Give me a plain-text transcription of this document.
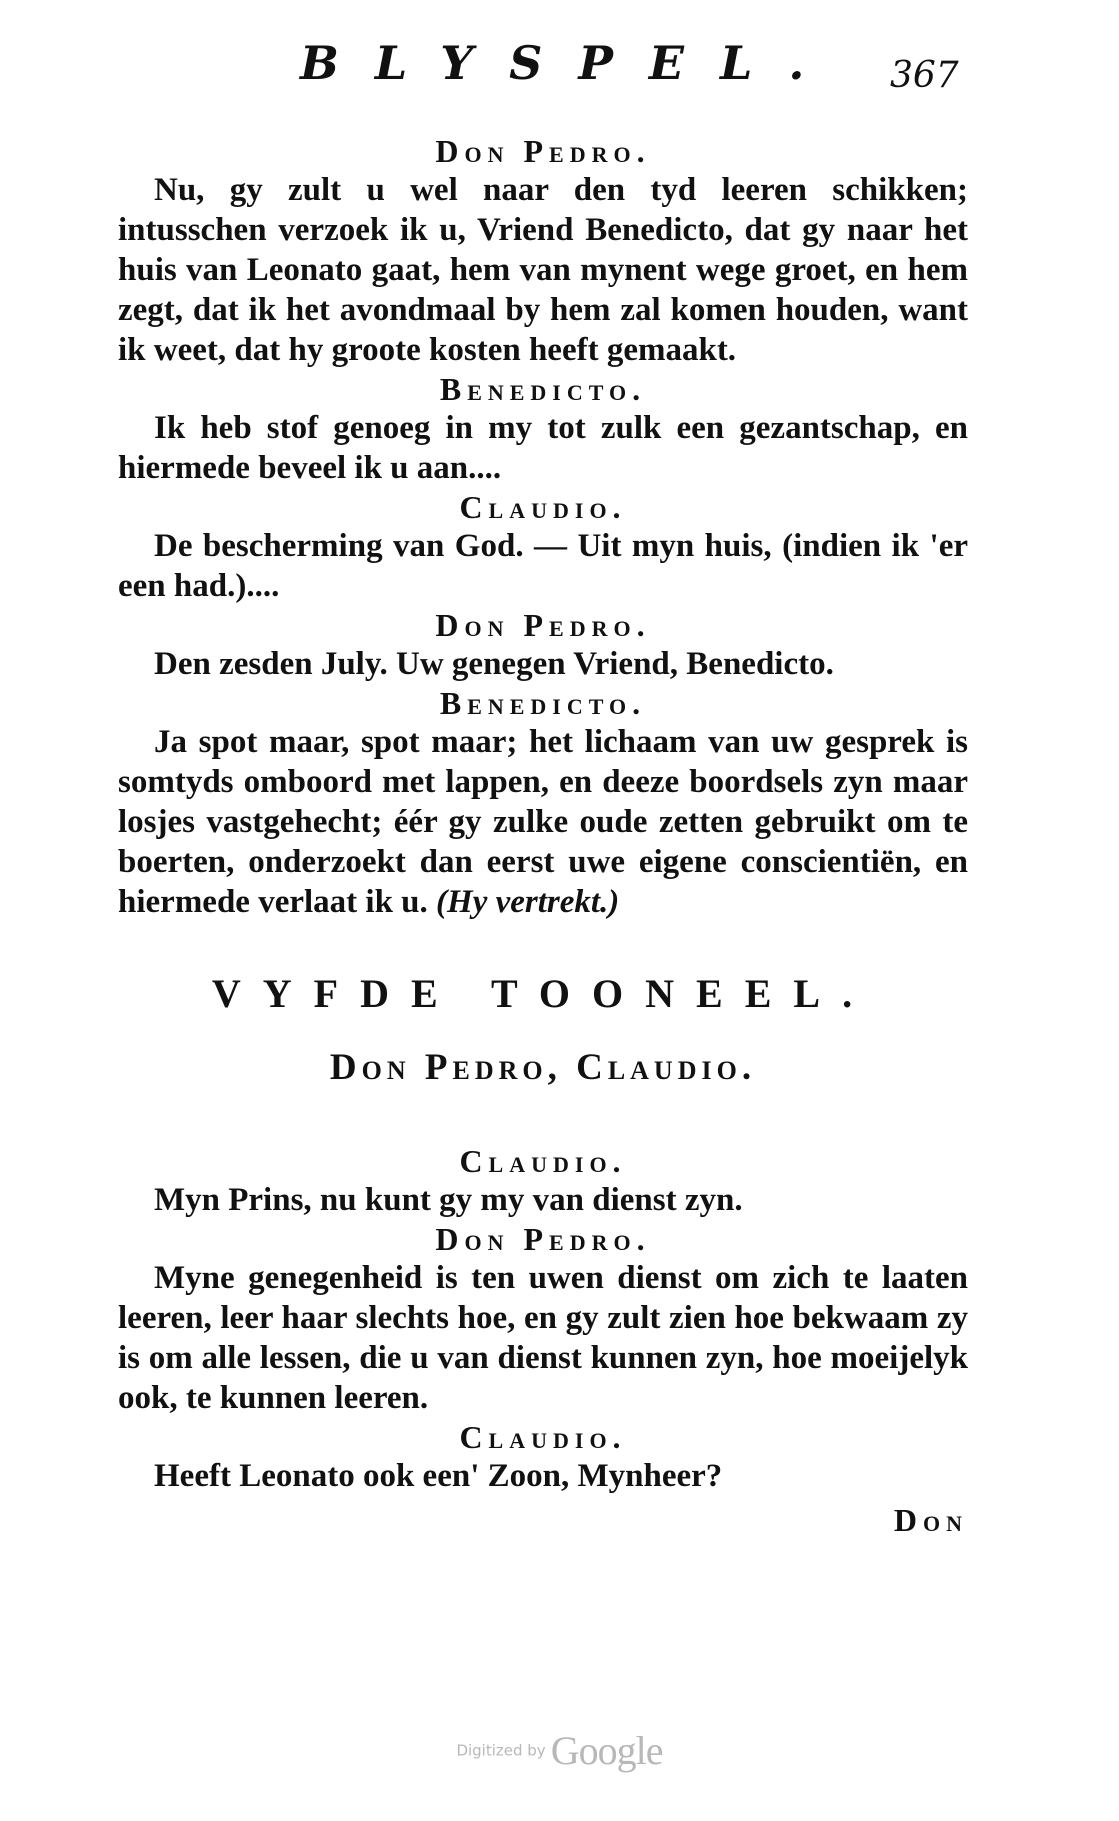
BLYSPEL. 367

Don Pedro.

Nu, gy zult u wel naar den tyd leeren schikken; intusschen verzoek ik u, Vriend Benedicto, dat gy naar het huis van Leonato gaat, hem van mynent wege groet, en hem zegt, dat ik het avondmaal by hem zal komen houden, want ik weet, dat hy groote kosten heeft gemaakt.

Benedicto.

Ik heb stof genoeg in my tot zulk een gezantschap, en hiermede beveel ik u aan....

Claudio.

De bescherming van God. — Uit myn huis, (indien ik 'er een had.)....

Don Pedro.

Den zesden July. Uw genegen Vriend, Benedicto.

Benedicto.

Ja spot maar, spot maar; het lichaam van uw gesprek is somtyds omboord met lappen, en deeze boordsels zyn maar losjes vastgehecht; éér gy zulke oude zetten gebruikt om te boerten, onderzoekt dan eerst uwe eigene conscientiën, en hiermede verlaat ik u. (Hy vertrekt.)

VYFDE TOONEEL.
Don Pedro, Claudio.

Claudio.

Myn Prins, nu kunt gy my van dienst zyn.

Don Pedro.

Myne genegenheid is ten uwen dienst om zich te laaten leeren, leer haar slechts hoe, en gy zult zien hoe bekwaam zy is om alle lessen, die u van dienst kunnen zyn, hoe moeijelyk ook, te kunnen leeren.

Claudio.

Heeft Leonato ook een' Zoon, Mynheer?

Don
Digitized by Google
